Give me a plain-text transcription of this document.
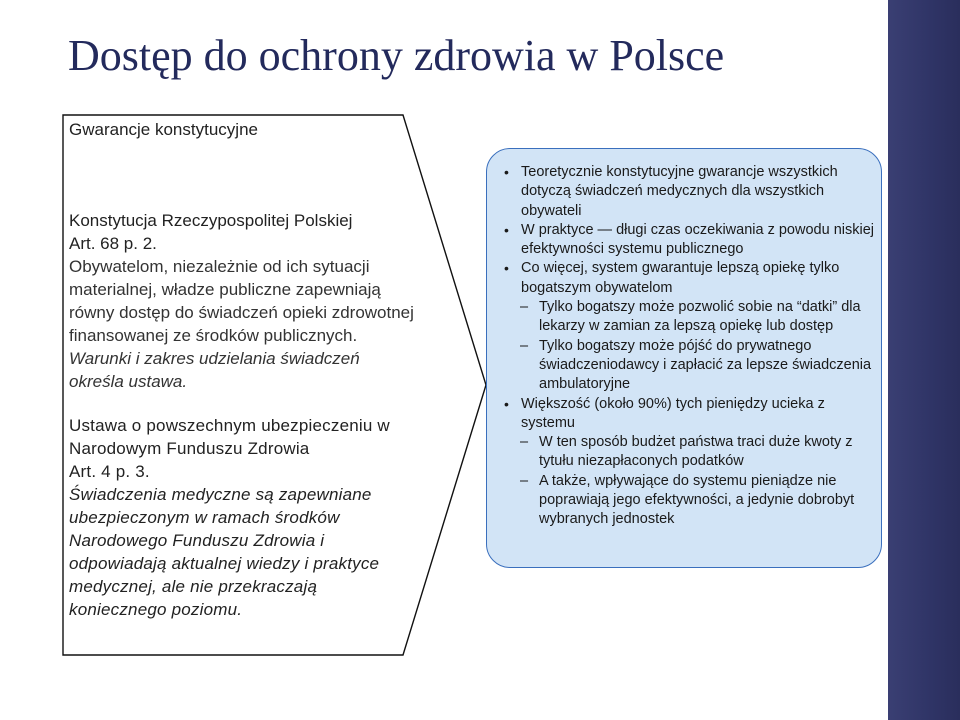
Dostęp do ochrony zdrowia w Polsce

Gwarancje konstytucyjne

Konstytucja Rzeczypospolitej Polskiej
Art. 68 p. 2.
Obywatelom, niezależnie od ich sytuacji materialnej, władze publiczne zapewniają równy dostęp do świadczeń opieki zdrowotnej finansowanej ze środków publicznych. Warunki i zakres udzielania świadczeń określa ustawa.
Ustawa o powszechnym ubezpieczeniu w Narodowym Funduszu Zdrowia
Art. 4 p. 3.
Świadczenia medyczne są zapewniane ubezpieczonym w ramach środków Narodowego Funduszu Zdrowia i odpowiadają aktualnej wiedzy i praktyce medycznej, ale nie przekraczają koniecznego poziomu.
• Teoretycznie konstytucyjne gwarancje wszystkich dotyczą świadczeń medycznych dla wszystkich obywateli
• W praktyce — długi czas oczekiwania z powodu niskiej efektywności systemu publicznego
• Co więcej, system gwarantuje lepszą opiekę tylko bogatszym obywatelom
– Tylko bogatszy może pozwolić sobie na “datki” dla lekarzy w zamian za lepszą opiekę lub dostęp
– Tylko bogatszy może pójść do prywatnego świadczeniodawcy i zapłacić za lepsze świadczenia ambulatoryjne
• Większość (około 90%) tych pieniędzy ucieka z systemu
– W ten sposób budżet państwa traci duże kwoty z tytułu niezapłaconych podatków
– A także, wpływające do systemu pieniądze nie poprawiają jego efektywności, a jedynie dobrobyt wybranych jednostek
